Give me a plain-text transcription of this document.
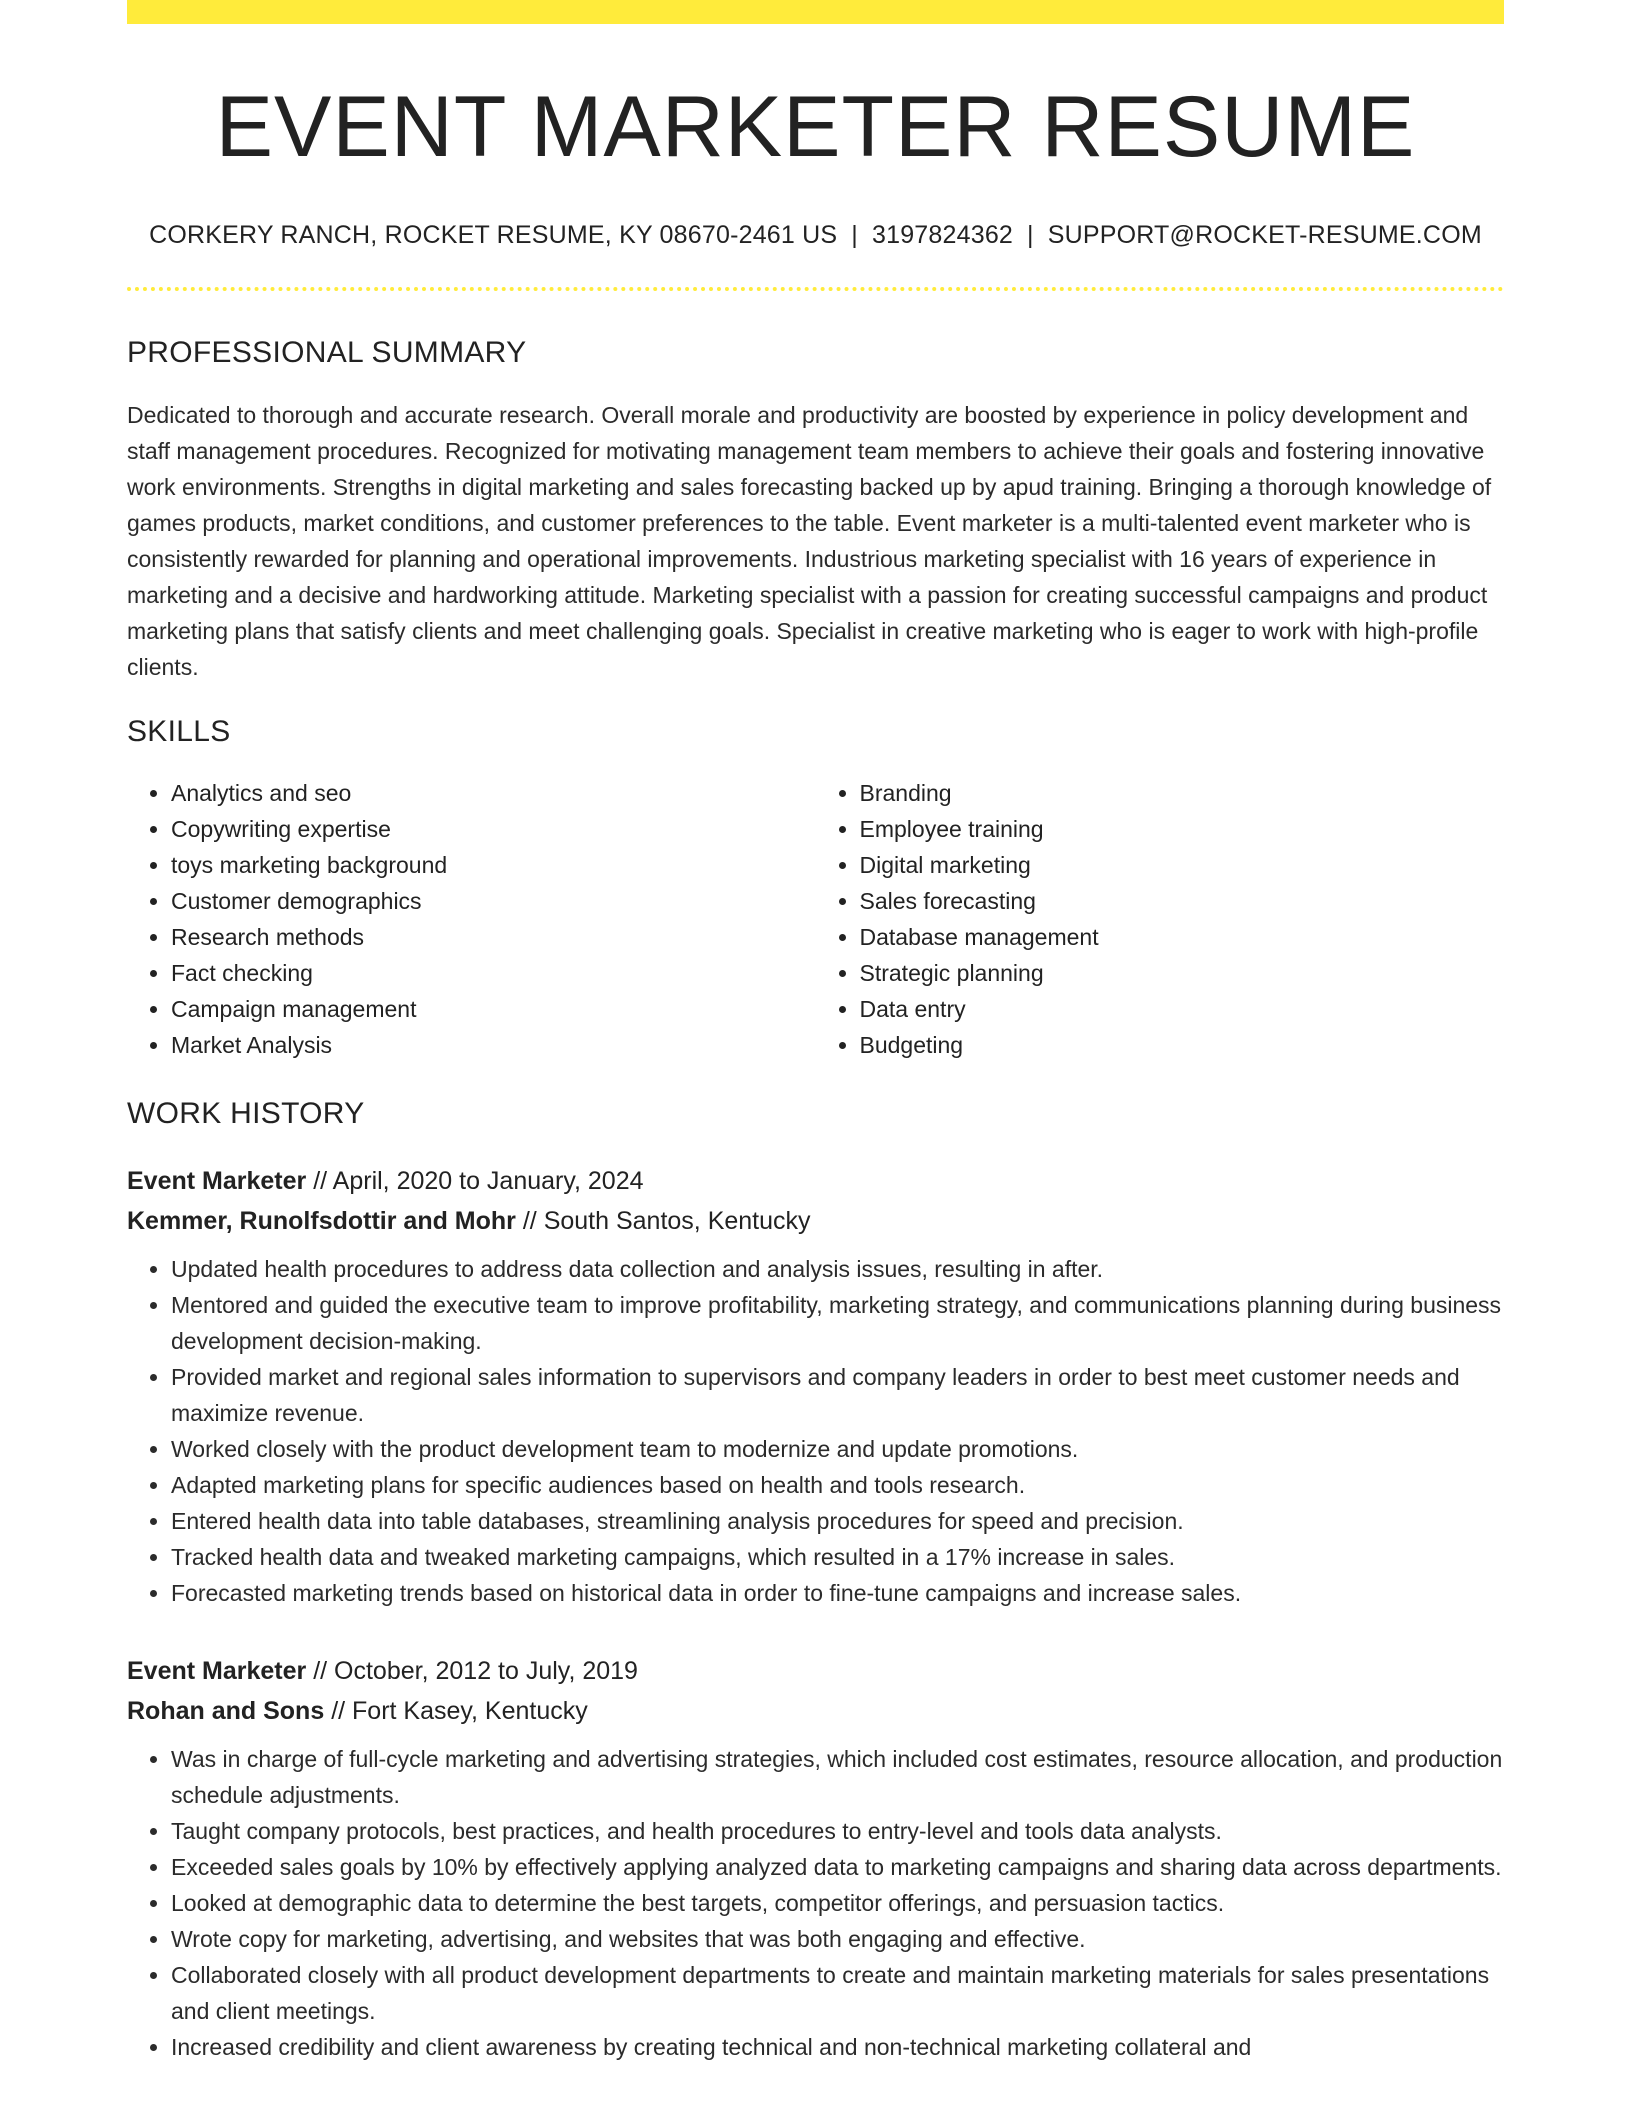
EVENT MARKETER RESUME
CORKERY RANCH, ROCKET RESUME, KY 08670-2461 US | 3197824362 | SUPPORT@ROCKET-RESUME.COM
PROFESSIONAL SUMMARY

Dedicated to thorough and accurate research. Overall morale and productivity are boosted by experience in policy development and staff management procedures. Recognized for motivating management team members to achieve their goals and fostering innovative work environments. Strengths in digital marketing and sales forecasting backed up by apud training. Bringing a thorough knowledge of games products, market conditions, and customer preferences to the table. Event marketer is a multi-talented event marketer who is consistently rewarded for planning and operational improvements. Industrious marketing specialist with 16 years of experience in marketing and a decisive and hardworking attitude. Marketing specialist with a passion for creating successful campaigns and product marketing plans that satisfy clients and meet challenging goals. Specialist in creative marketing who is eager to work with high-profile clients.

SKILLS
• Analytics and seo
• Copywriting expertise
• toys marketing background
• Customer demographics
• Research methods
• Fact checking
• Campaign management
• Market Analysis
• Branding
• Employee training
• Digital marketing
• Sales forecasting
• Database management
• Strategic planning
• Data entry
• Budgeting
WORK HISTORY
Event Marketer // April, 2020 to January, 2024
Kemmer, Runolfsdottir and Mohr // South Santos, Kentucky
• Updated health procedures to address data collection and analysis issues, resulting in after.
• Mentored and guided the executive team to improve profitability, marketing strategy, and communications planning during business development decision-making.
• Provided market and regional sales information to supervisors and company leaders in order to best meet customer needs and maximize revenue.
• Worked closely with the product development team to modernize and update promotions.
• Adapted marketing plans for specific audiences based on health and tools research.
• Entered health data into table databases, streamlining analysis procedures for speed and precision.
• Tracked health data and tweaked marketing campaigns, which resulted in a 17% increase in sales.
• Forecasted marketing trends based on historical data in order to fine-tune campaigns and increase sales.
Event Marketer // October, 2012 to July, 2019
Rohan and Sons // Fort Kasey, Kentucky
• Was in charge of full-cycle marketing and advertising strategies, which included cost estimates, resource allocation, and production schedule adjustments.
• Taught company protocols, best practices, and health procedures to entry-level and tools data analysts.
• Exceeded sales goals by 10% by effectively applying analyzed data to marketing campaigns and sharing data across departments.
• Looked at demographic data to determine the best targets, competitor offerings, and persuasion tactics.
• Wrote copy for marketing, advertising, and websites that was both engaging and effective.
• Collaborated closely with all product development departments to create and maintain marketing materials for sales presentations and client meetings.
• Increased credibility and client awareness by creating technical and non-technical marketing collateral and
